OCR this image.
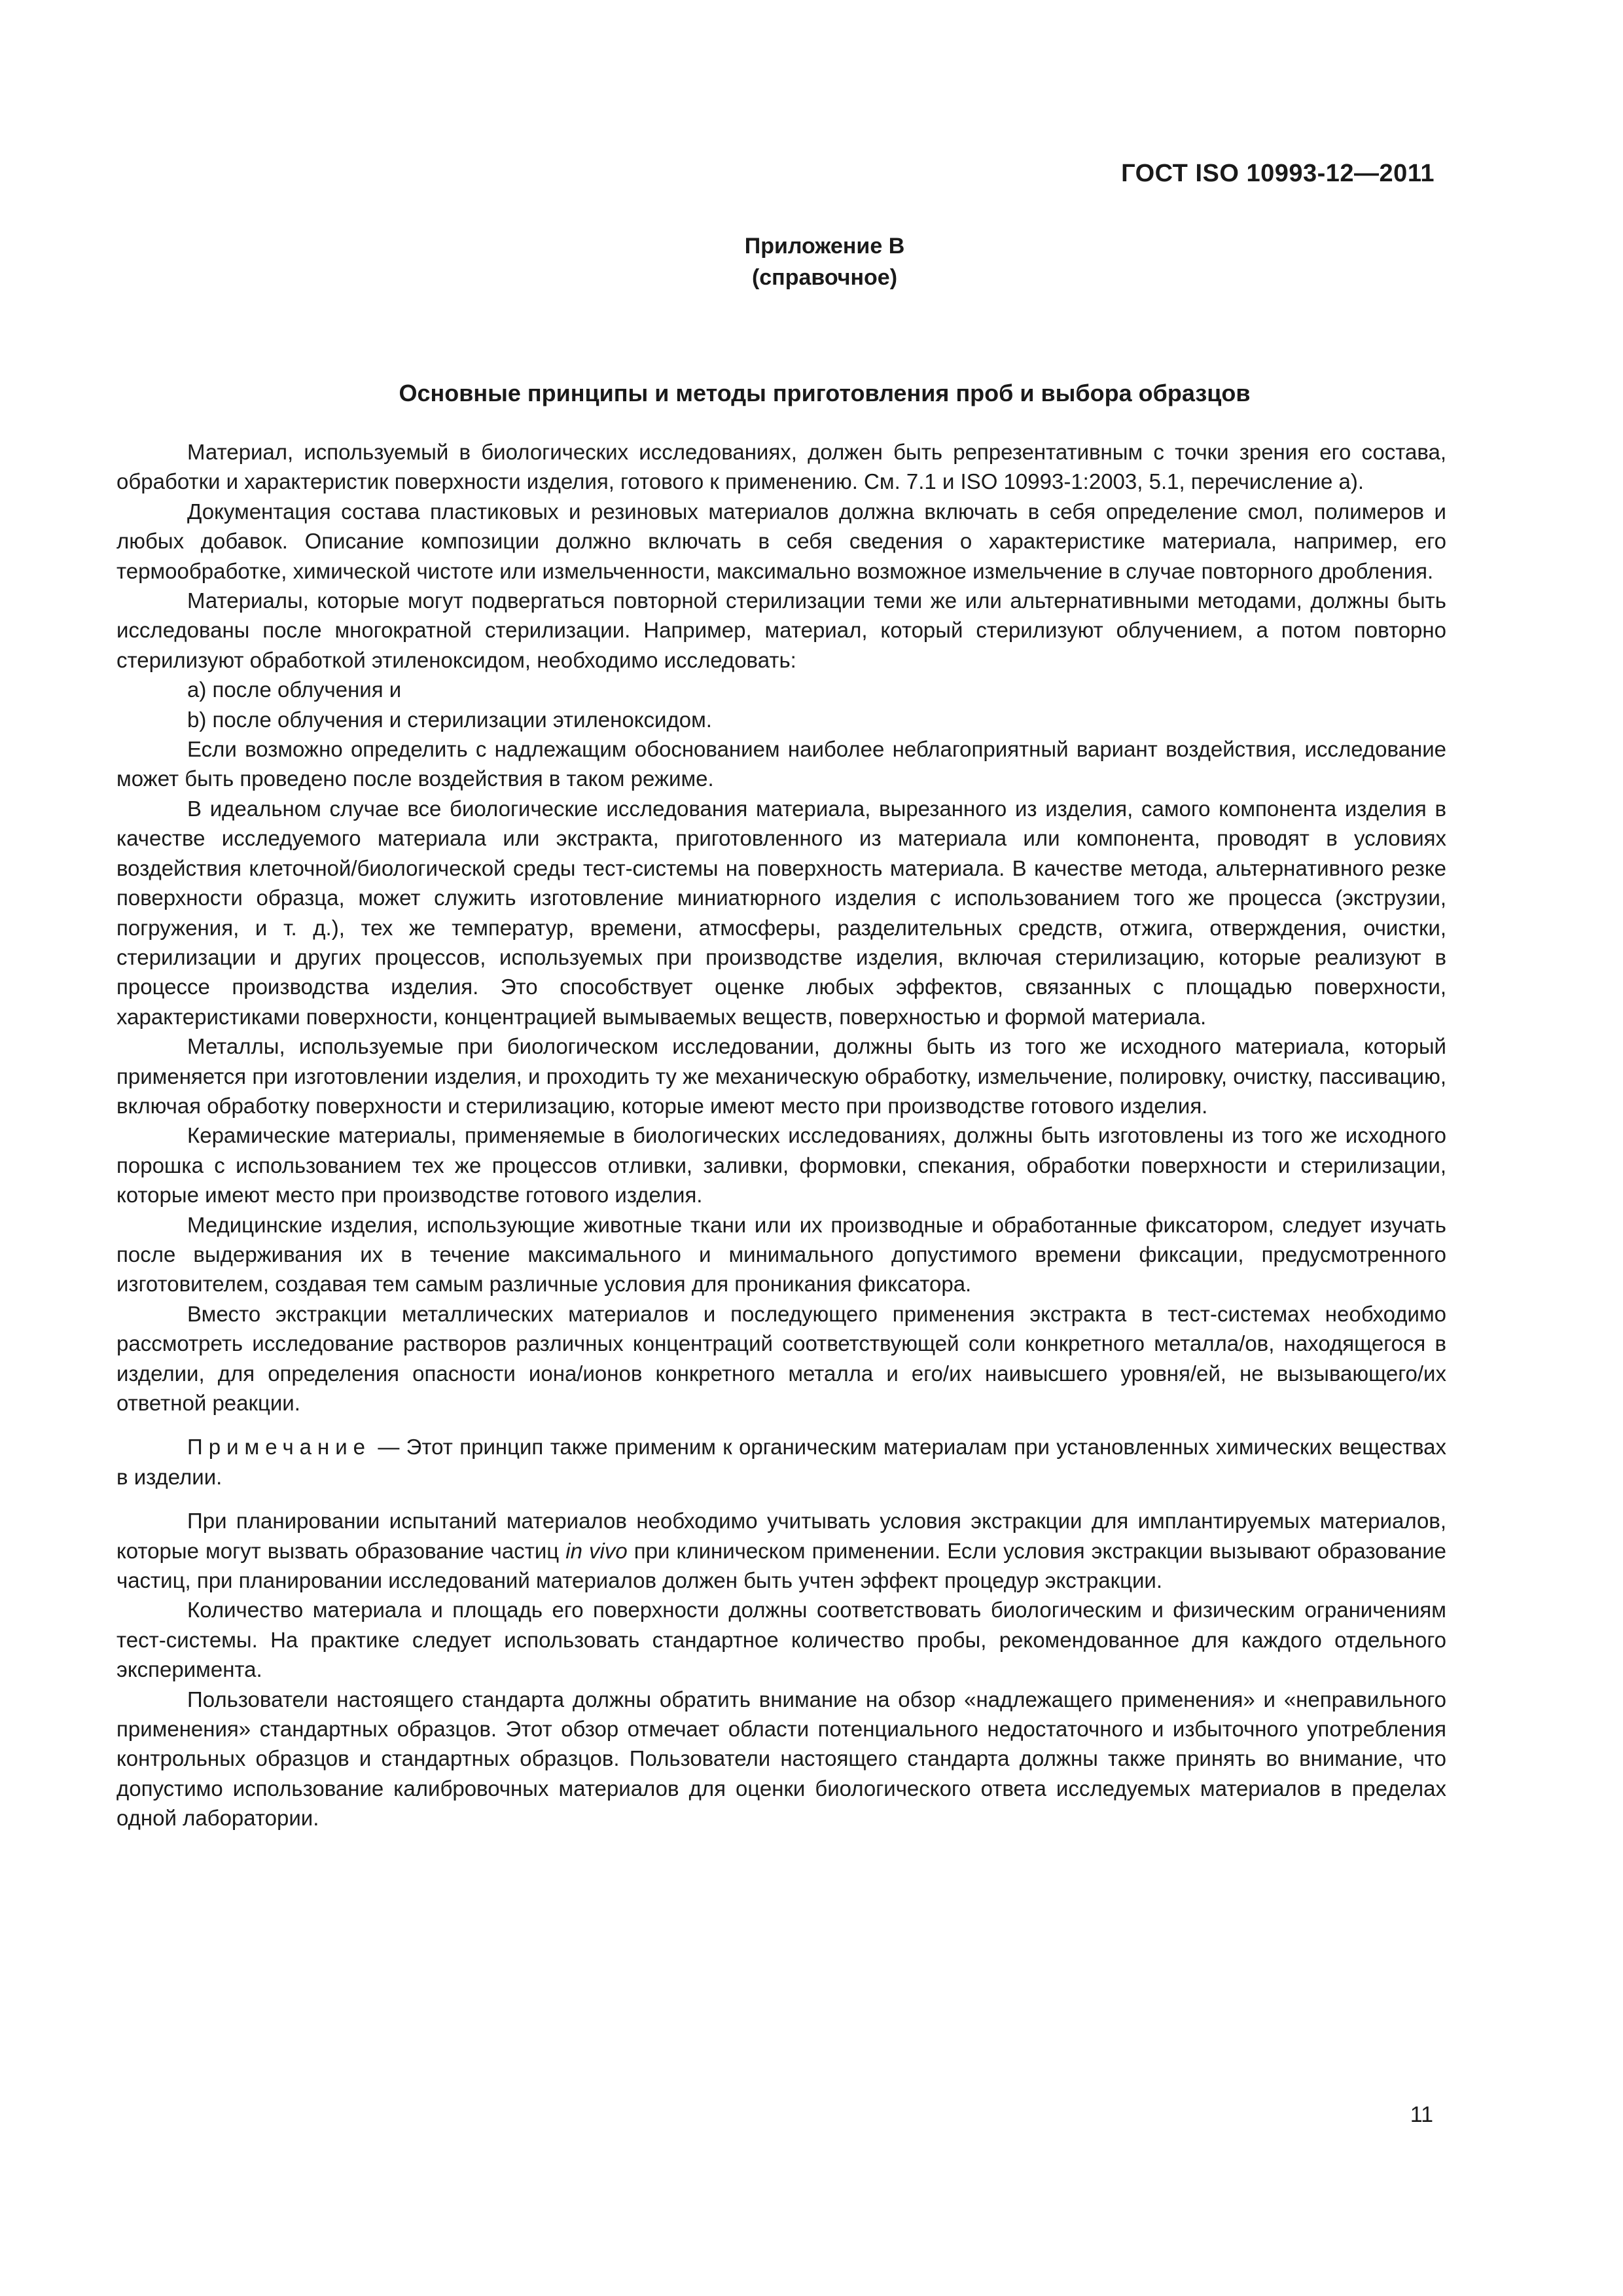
ГОСТ ISO 10993-12—2011
Приложение В
(справочное)
Основные принципы и методы приготовления проб и выбора образцов

Материал, используемый в биологических исследованиях, должен быть репрезентативным с точки зрения его состава, обработки и характеристик поверхности изделия, готового к применению. См. 7.1 и ISO 10993-1:2003, 5.1, перечисление а).

Документация состава пластиковых и резиновых материалов должна включать в себя определение смол, полимеров и любых добавок. Описание композиции должно включать в себя сведения о характеристике материала, например, его термообработке, химической чистоте или измельченности, максимально возможное измельчение в случае повторного дробления.

Материалы, которые могут подвергаться повторной стерилизации теми же или альтернативными методами, должны быть исследованы после многократной стерилизации. Например, материал, который стерилизуют облучением, а потом повторно стерилизуют обработкой этиленоксидом, необходимо исследовать:

a) после облучения и

b) после облучения и стерилизации этиленоксидом.

Если возможно определить с надлежащим обоснованием наиболее неблагоприятный вариант воздействия, исследование может быть проведено после воздействия в таком режиме.

В идеальном случае все биологические исследования материала, вырезанного из изделия, самого компонента изделия в качестве исследуемого материала или экстракта, приготовленного из материала или компонента, проводят в условиях воздействия клеточной/биологической среды тест-системы на поверхность материала. В качестве метода, альтернативного резке поверхности образца, может служить изготовление миниатюрного изделия с использованием того же процесса (экструзии, погружения, и т. д.), тех же температур, времени, атмосферы, разделительных средств, отжига, отверждения, очистки, стерилизации и других процессов, используемых при производстве изделия, включая стерилизацию, которые реализуют в процессе производства изделия. Это способствует оценке любых эффектов, связанных с площадью поверхности, характеристиками поверхности, концентрацией вымываемых веществ, поверхностью и формой материала.

Металлы, используемые при биологическом исследовании, должны быть из того же исходного материала, который применяется при изготовлении изделия, и проходить ту же механическую обработку, измельчение, полировку, очистку, пассивацию, включая обработку поверхности и стерилизацию, которые имеют место при производстве готового изделия.

Керамические материалы, применяемые в биологических исследованиях, должны быть изготовлены из того же исходного порошка с использованием тех же процессов отливки, заливки, формовки, спекания, обработки поверхности и стерилизации, которые имеют место при производстве готового изделия.

Медицинские изделия, использующие животные ткани или их производные и обработанные фиксатором, следует изучать после выдерживания их в течение максимального и минимального допустимого времени фиксации, предусмотренного изготовителем, создавая тем самым различные условия для проникания фиксатора.

Вместо экстракции металлических материалов и последующего применения экстракта в тест-системах необходимо рассмотреть исследование растворов различных концентраций соответствующей соли конкретного металла/ов, находящегося в изделии, для определения опасности иона/ионов конкретного металла и его/их наивысшего уровня/ей, не вызывающего/их ответной реакции.

Примечание — Этот принцип также применим к органическим материалам при установленных химических веществах в изделии.

При планировании испытаний материалов необходимо учитывать условия экстракции для имплантируемых материалов, которые могут вызвать образование частиц in vivo при клиническом применении. Если условия экстракции вызывают образование частиц, при планировании исследований материалов должен быть учтен эффект процедур экстракции.

Количество материала и площадь его поверхности должны соответствовать биологическим и физическим ограничениям тест-системы. На практике следует использовать стандартное количество пробы, рекомендованное для каждого отдельного эксперимента.

Пользователи настоящего стандарта должны обратить внимание на обзор «надлежащего применения» и «неправильного применения» стандартных образцов. Этот обзор отмечает области потенциального недостаточного и избыточного употребления контрольных образцов и стандартных образцов. Пользователи настоящего стандарта должны также принять во внимание, что допустимо использование калибровочных материалов для оценки биологического ответа исследуемых материалов в пределах одной лаборатории.

11
